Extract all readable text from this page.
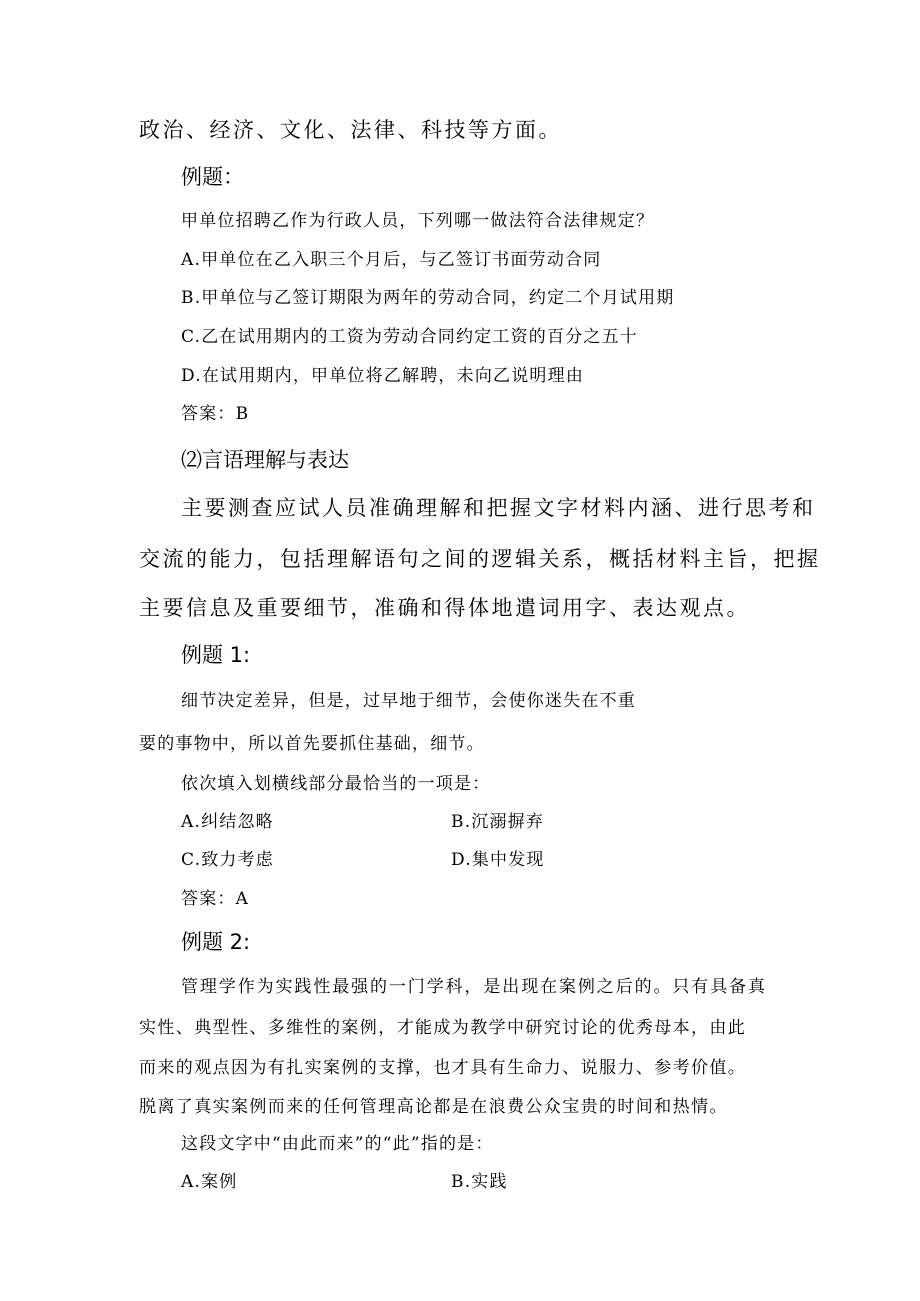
政治、经济、文化、法律、科技等方面。
例题：
甲单位招聘乙作为行政人员，下列哪一做法符合法律规定？
A.甲单位在乙入职三个月后，与乙签订书面劳动合同
B.甲单位与乙签订期限为两年的劳动合同，约定二个月试用期
C.乙在试用期内的工资为劳动合同约定工资的百分之五十
D.在试用期内，甲单位将乙解聘，未向乙说明理由
答案：B
⑵言语理解与表达
主要测查应试人员准确理解和把握文字材料内涵、进行思考和
交流的能力，包括理解语句之间的逻辑关系，概括材料主旨，把握
主要信息及重要细节，准确和得体地遣词用字、表达观点。
例题 1:
细节决定差异，但是，过早地于细节，会使你迷失在不重
要的事物中，所以首先要抓住基础，细节。
依次填入划横线部分最恰当的一项是：
A.纠结忽略	B.沉溺摒弃
C.致力考虑	D.集中发现
答案：A
例题 2:
管理学作为实践性最强的一门学科，是出现在案例之后的。只有具备真
实性、典型性、多维性的案例，才能成为教学中研究讨论的优秀母本，由此
而来的观点因为有扎实案例的支撑，也才具有生命力、说服力、参考价值。
脱离了真实案例而来的任何管理高论都是在浪费公众宝贵的时间和热情。
这段文字中“由此而来”的“此”指的是：
A.案例	B.实践
